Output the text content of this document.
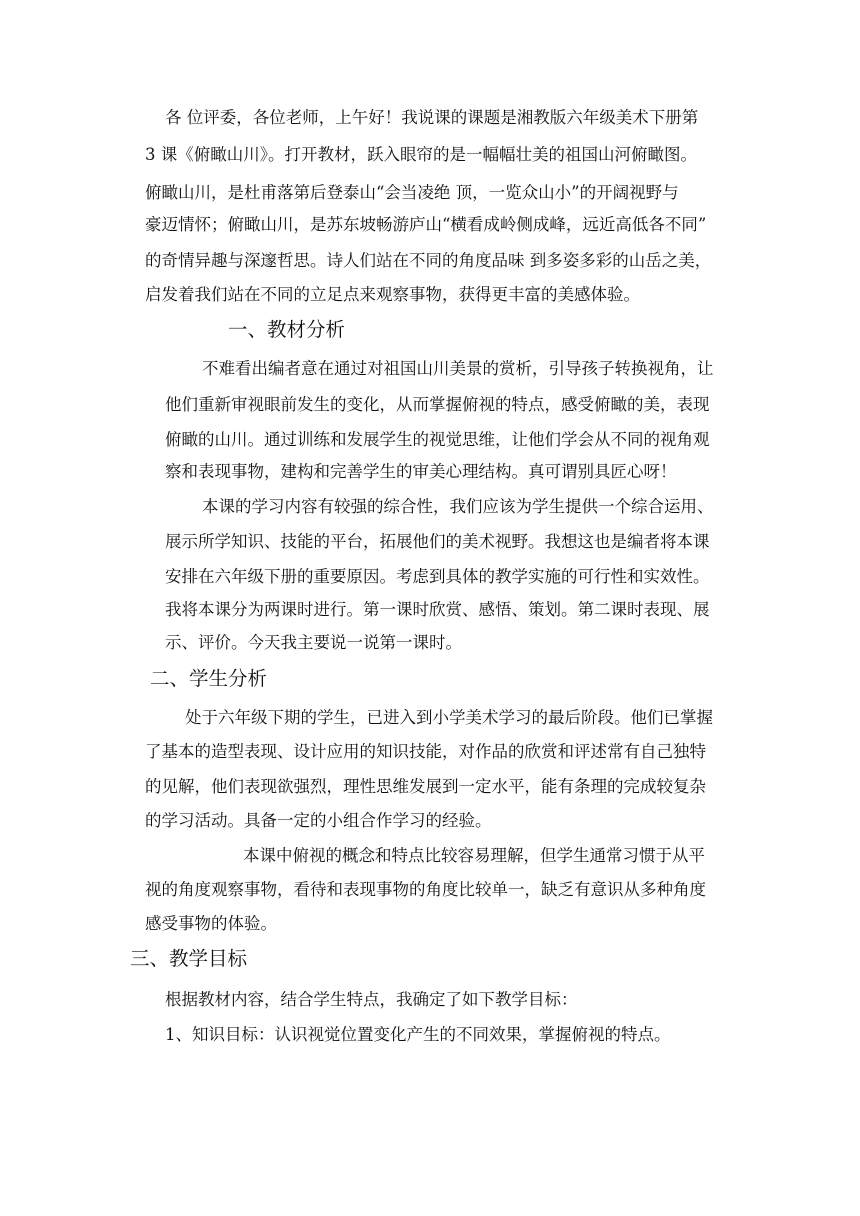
各 位评委，各位老师，上午好！我说课的课题是湘教版六年级美术下册第

3 课《俯瞰山川》。打开教材，跃入眼帘的是一幅幅壮美的祖国山河俯瞰图。

俯瞰山川，是杜甫落第后登泰山“会当凌绝 顶，一览众山小”的开阔视野与

豪迈情怀；俯瞰山川，是苏东坡畅游庐山“横看成岭侧成峰，远近高低各不同”

的奇情异趣与深邃哲思。诗人们站在不同的角度品味 到多姿多彩的山岳之美，

启发着我们站在不同的立足点来观察事物，获得更丰富的美感体验。

一、教材分析

不难看出编者意在通过对祖国山川美景的赏析，引导孩子转换视角，让

他们重新审视眼前发生的变化，从而掌握俯视的特点，感受俯瞰的美，表现

俯瞰的山川。通过训练和发展学生的视觉思维，让他们学会从不同的视角观

察和表现事物，建构和完善学生的审美心理结构。真可谓别具匠心呀！

本课的学习内容有较强的综合性，我们应该为学生提供一个综合运用、

展示所学知识、技能的平台，拓展他们的美术视野。我想这也是编者将本课

安排在六年级下册的重要原因。考虑到具体的教学实施的可行性和实效性。

我将本课分为两课时进行。第一课时欣赏、感悟、策划。第二课时表现、展

示、评价。今天我主要说一说第一课时。

二、学生分析

处于六年级下期的学生，已进入到小学美术学习的最后阶段。他们已掌握

了基本的造型表现、设计应用的知识技能，对作品的欣赏和评述常有自己独特

的见解，他们表现欲强烈，理性思维发展到一定水平，能有条理的完成较复杂

的学习活动。具备一定的小组合作学习的经验。

本课中俯视的概念和特点比较容易理解，但学生通常习惯于从平

视的角度观察事物，看待和表现事物的角度比较单一，缺乏有意识从多种角度

感受事物的体验。

三、教学目标

根据教材内容，结合学生特点，我确定了如下教学目标：

1、知识目标：认识视觉位置变化产生的不同效果，掌握俯视的特点。
